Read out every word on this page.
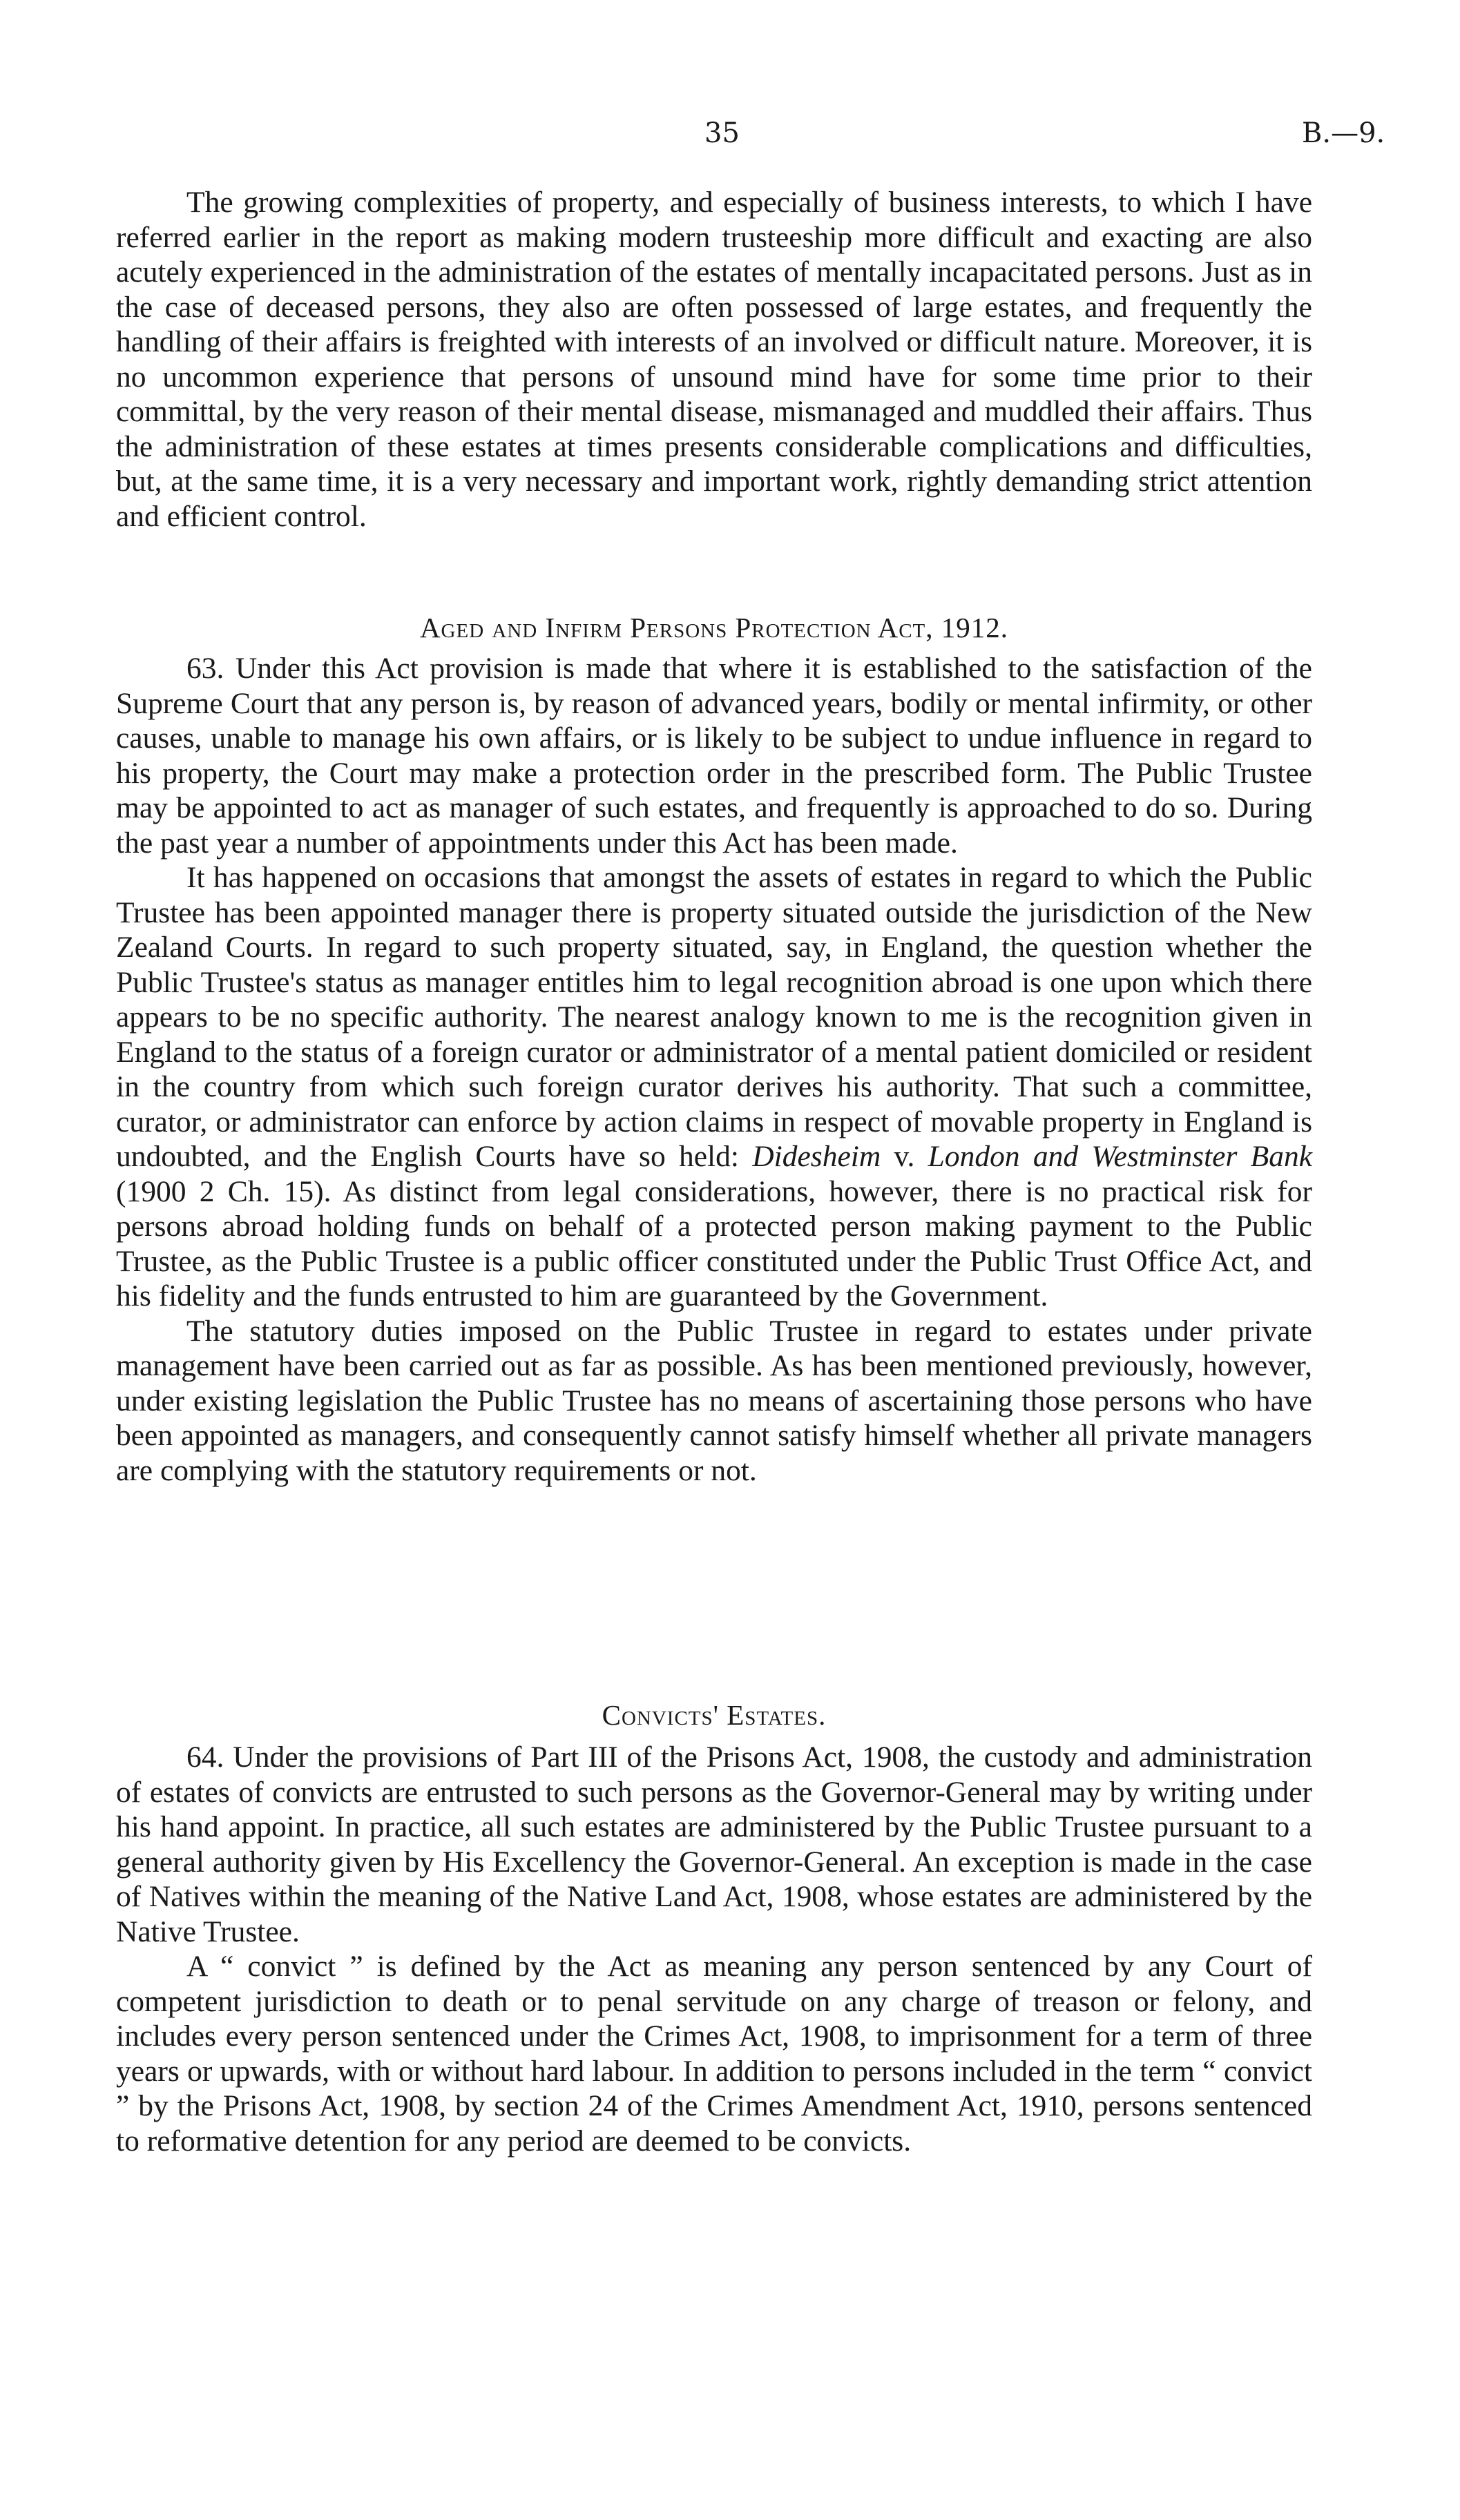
35	B.—9.

The growing complexities of property, and especially of business interests, to which I have referred earlier in the report as making modern trusteeship more difficult and exacting are also acutely experienced in the administration of the estates of mentally incapacitated persons. Just as in the case of deceased persons, they also are often possessed of large estates, and frequently the handling of their affairs is freighted with interests of an involved or difficult nature. Moreover, it is no uncommon experience that persons of unsound mind have for some time prior to their committal, by the very reason of their mental disease, mismanaged and muddled their affairs. Thus the administration of these estates at times presents considerable complications and difficulties, but, at the same time, it is a very necessary and important work, rightly demanding strict attention and efficient control.

Aged and Infirm Persons Protection Act, 1912.

63. Under this Act provision is made that where it is established to the satisfaction of the Supreme Court that any person is, by reason of advanced years, bodily or mental infirmity, or other causes, unable to manage his own affairs, or is likely to be subject to undue influence in regard to his property, the Court may make a protection order in the prescribed form. The Public Trustee may be appointed to act as manager of such estates, and frequently is approached to do so. During the past year a number of appointments under this Act has been made.

It has happened on occasions that amongst the assets of estates in regard to which the Public Trustee has been appointed manager there is property situated outside the jurisdiction of the New Zealand Courts. In regard to such property situated, say, in England, the question whether the Public Trustee's status as manager entitles him to legal recognition abroad is one upon which there appears to be no specific authority. The nearest analogy known to me is the recognition given in England to the status of a foreign curator or administrator of a mental patient domiciled or resident in the country from which such foreign curator derives his authority. That such a committee, curator, or administrator can enforce by action claims in respect of movable property in England is undoubted, and the English Courts have so held: Didesheim v. London and Westminster Bank (1900 2 Ch. 15). As distinct from legal considerations, however, there is no practical risk for persons abroad holding funds on behalf of a protected person making payment to the Public Trustee, as the Public Trustee is a public officer constituted under the Public Trust Office Act, and his fidelity and the funds entrusted to him are guaranteed by the Government.

The statutory duties imposed on the Public Trustee in regard to estates under private management have been carried out as far as possible. As has been mentioned previously, however, under existing legislation the Public Trustee has no means of ascertaining those persons who have been appointed as managers, and consequently cannot satisfy himself whether all private managers are complying with the statutory requirements or not.

Convicts' Estates.

64. Under the provisions of Part III of the Prisons Act, 1908, the custody and administration of estates of convicts are entrusted to such persons as the Governor-General may by writing under his hand appoint. In practice, all such estates are administered by the Public Trustee pursuant to a general authority given by His Excellency the Governor-General. An exception is made in the case of Natives within the meaning of the Native Land Act, 1908, whose estates are administered by the Native Trustee.

A “ convict ” is defined by the Act as meaning any person sentenced by any Court of competent jurisdiction to death or to penal servitude on any charge of treason or felony, and includes every person sentenced under the Crimes Act, 1908, to imprisonment for a term of three years or upwards, with or without hard labour. In addition to persons included in the term “ convict ” by the Prisons Act, 1908, by section 24 of the Crimes Amendment Act, 1910, persons sentenced to reformative detention for any period are deemed to be convicts.
